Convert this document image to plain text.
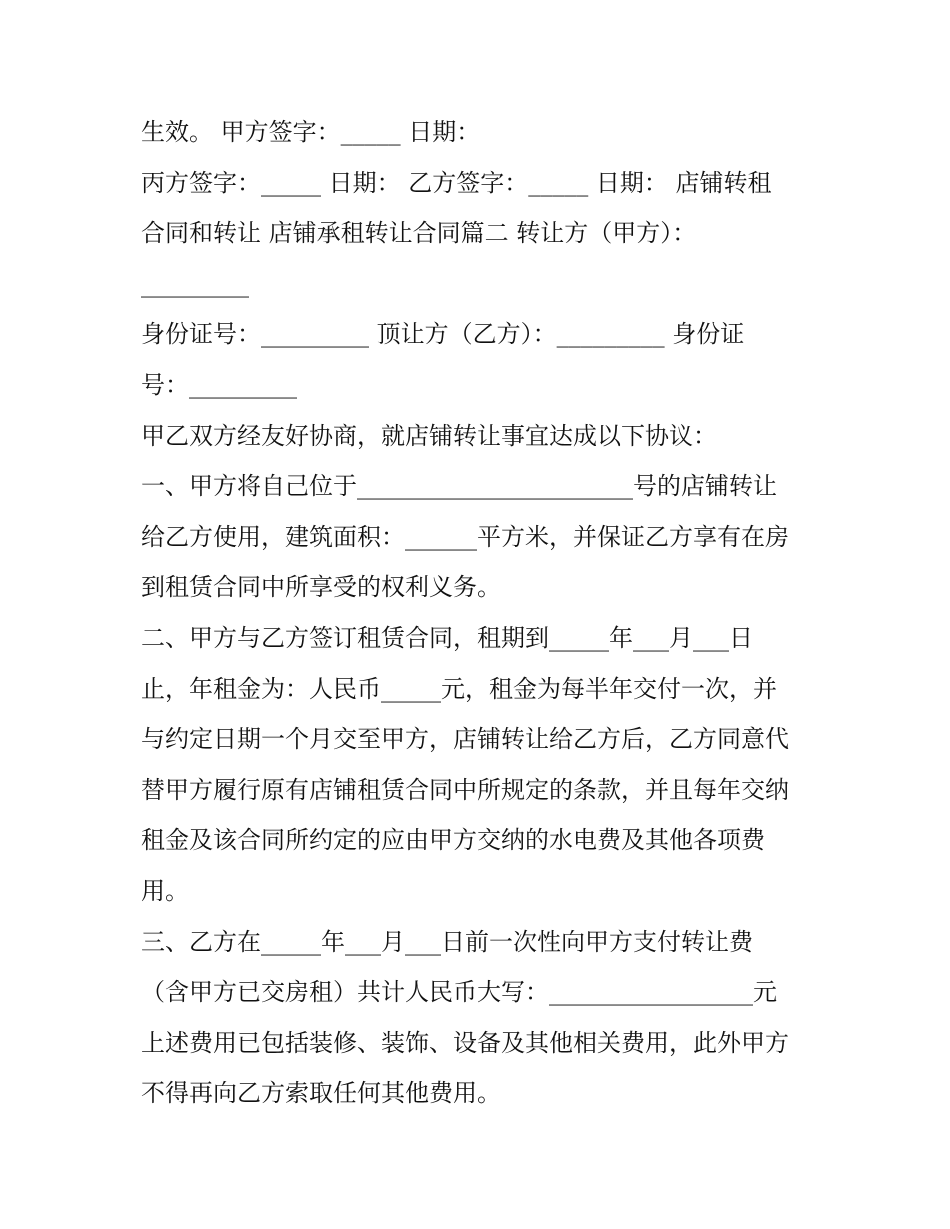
生效。 甲方签字：_____ 日期：
丙方签字：_____ 日期： 乙方签字：_____ 日期： 店铺转租
合同和转让 店铺承租转让合同篇二 转让方（甲方）：
_________
身份证号：_________ 顶让方（乙方）：_________ 身份证
号：_________
甲乙双方经友好协商，就店铺转让事宜达成以下协议：
一、甲方将自己位于_______________________号的店铺转让
给乙方使用，建筑面积：______平方米，并保证乙方享有在房
到租赁合同中所享受的权利义务。
二、甲方与乙方签订租赁合同，租期到_____年___月___日
止，年租金为：人民币_____元，租金为每半年交付一次，并
与约定日期一个月交至甲方，店铺转让给乙方后，乙方同意代
替甲方履行原有店铺租赁合同中所规定的条款，并且每年交纳
租金及该合同所约定的应由甲方交纳的水电费及其他各项费
用。
三、乙方在_____年___月___日前一次性向甲方支付转让费
（含甲方已交房租）共计人民币大写：_________________元
上述费用已包括装修、装饰、设备及其他相关费用，此外甲方
不得再向乙方索取任何其他费用。
